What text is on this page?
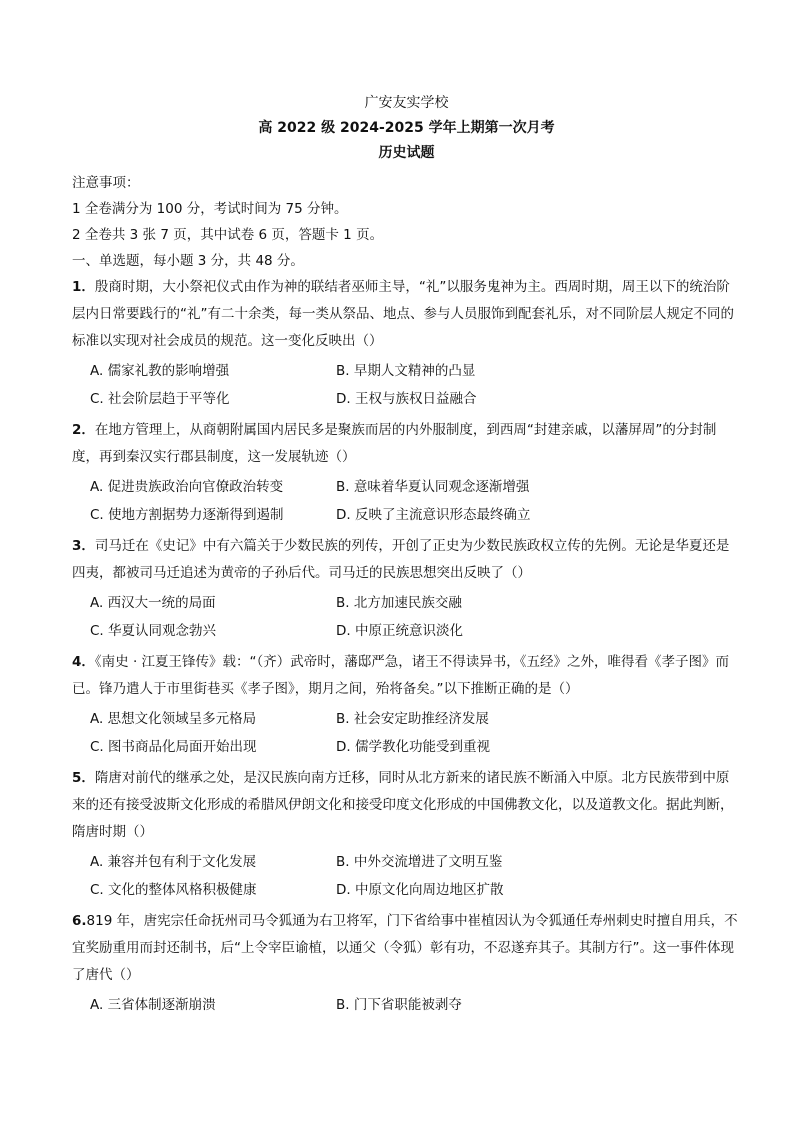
广安友实学校
高 2022 级 2024-2025 学年上期第一次月考
历史试题

注意事项：

1 全卷满分为 100 分，考试时间为 75 分钟。

2 全卷共 3 张 7 页，其中试卷 6 页，答题卡 1 页。

一、单选题，每小题 3 分，共 48 分。

1．殷商时期，大小祭祀仪式由作为神的联结者巫师主导，“礼”以服务鬼神为主。西周时期，周王以下的统治阶层内日常要践行的“礼”有二十余类，每一类从祭品、地点、参与人员服饰到配套礼乐，对不同阶层人规定不同的标准以实现对社会成员的规范。这一变化反映出（）

A. 儒家礼教的影响增强	B. 早期人文精神的凸显
C. 社会阶层趋于平等化	D. 王权与族权日益融合

2．在地方管理上，从商朝附属国内居民多是聚族而居的内外服制度，到西周“封建亲戚，以藩屏周”的分封制度，再到秦汉实行郡县制度，这一发展轨迹（）

A. 促进贵族政治向官僚政治转变	B. 意味着华夏认同观念逐渐增强
C. 使地方割据势力逐渐得到遏制	D. 反映了主流意识形态最终确立

3．司马迁在《史记》中有六篇关于少数民族的列传，开创了正史为少数民族政权立传的先例。无论是华夏还是四夷，都被司马迁追述为黄帝的子孙后代。司马迁的民族思想突出反映了（）

A. 西汉大一统的局面	B. 北方加速民族交融
C. 华夏认同观念勃兴	D. 中原正统意识淡化

4．《南史 · 江夏王锋传》载：“（齐）武帝时，藩邸严急，诸王不得读异书，《五经》之外，唯得看《孝子图》而已。锋乃遣人于市里街巷买《孝子图》，期月之间，殆将备矣。”以下推断正确的是（）

A. 思想文化领域呈多元格局	B. 社会安定助推经济发展
C. 图书商品化局面开始出现	D. 儒学教化功能受到重视

5．隋唐对前代的继承之处，是汉民族向南方迁移，同时从北方新来的诸民族不断涌入中原。北方民族带到中原来的还有接受波斯文化形成的希腊风伊朗文化和接受印度文化形成的中国佛教文化，以及道教文化。据此判断，隋唐时期（）

A. 兼容并包有利于文化发展	B. 中外交流增进了文明互鉴
C. 文化的整体风格积极健康	D. 中原文化向周边地区扩散

6.819 年，唐宪宗任命抚州司马令狐通为右卫将军，门下省给事中崔植因认为令狐通任寿州刺史时擅自用兵，不宜奖励重用而封还制书，后“上令宰臣谕植，以通父（令狐）彰有功，不忍遂弃其子。其制方行”。这一事件体现了唐代（）

A. 三省体制逐渐崩溃	B. 门下省职能被剥夺
